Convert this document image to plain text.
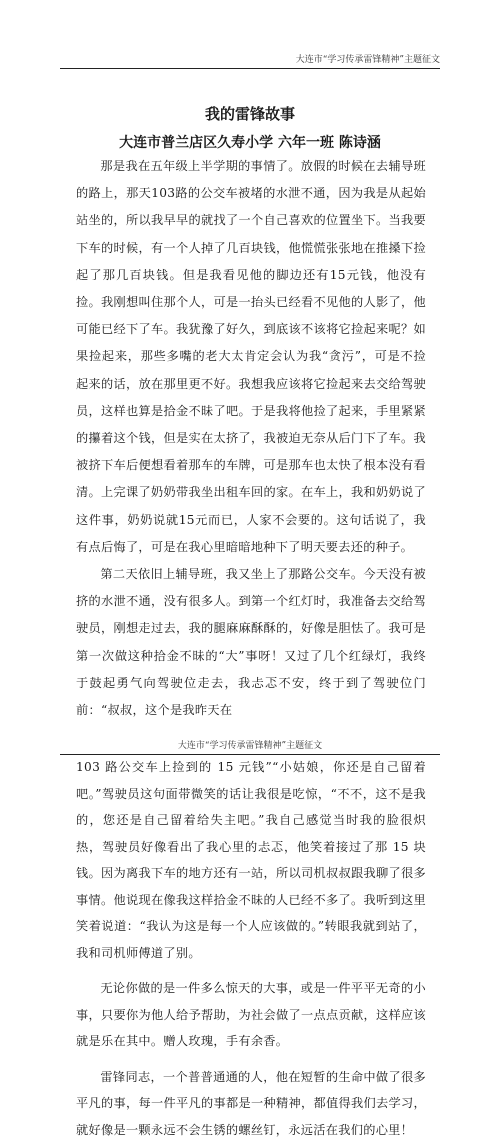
大连市“学习传承雷锋精神”主题征文
我的雷锋故事
大连市普兰店区久寿小学 六年一班 陈诗涵

那是我在五年级上半学期的事情了。放假的时候在去辅导班的路上，那天103路的公交车被堵的水泄不通，因为我是从起始站坐的，所以我早早的就找了一个自己喜欢的位置坐下。当我要下车的时候，有一个人掉了几百块钱，他慌慌张张地在推搡下捡起了那几百块钱。但是我看见他的脚边还有15元钱，他没有捡。我刚想叫住那个人，可是一抬头已经看不见他的人影了，他可能已经下了车。我犹豫了好久，到底该不该将它捡起来呢？如果捡起来，那些多嘴的老大太肯定会认为我“贪污”，可是不捡起来的话，放在那里更不好。我想我应该将它捡起来去交给驾驶员，这样也算是拾金不昧了吧。于是我将他捡了起来，手里紧紧的攥着这个钱，但是实在太挤了，我被迫无奈从后门下了车。我被挤下车后便想看着那车的车牌，可是那车也太快了根本没有看清。上完课了奶奶带我坐出租车回的家。在车上，我和奶奶说了这件事，奶奶说就15元而已，人家不会要的。这句话说了，我有点后悔了，可是在我心里暗暗地种下了明天要去还的种子。

第二天依旧上辅导班，我又坐上了那路公交车。今天没有被挤的水泄不通，没有很多人。到第一个红灯时，我准备去交给驾驶员，刚想走过去，我的腿麻麻酥酥的，好像是胆怯了。我可是第一次做这种拾金不昧的“大”事呀！又过了几个红绿灯，我终于鼓起勇气向驾驶位走去，我忐忑不安，终于到了驾驶位门前：“叔叔，这个是我昨天在

大连市“学习传承雷锋精神”主题征文

103 路公交车上捡到的 15 元钱”“小姑娘，你还是自己留着吧。”驾驶员这句面带微笑的话让我很是吃惊，“不不，这不是我的，您还是自己留着给失主吧。”我自己感觉当时我的脸很炽热，驾驶员好像看出了我心里的忐忑，他笑着接过了那 15 块钱。因为离我下车的地方还有一站，所以司机叔叔跟我聊了很多事情。他说现在像我这样拾金不昧的人已经不多了。我听到这里笑着说道：“我认为这是每一个人应该做的。”转眼我就到站了，我和司机师傅道了别。

无论你做的是一件多么惊天的大事，或是一件平平无奇的小事，只要你为他人给予帮助，为社会做了一点点贡献，这样应该就是乐在其中。赠人玫瑰，手有余香。

雷锋同志，一个普普通通的人，他在短暂的生命中做了很多平凡的事，每一件平凡的事都是一种精神，都值得我们去学习，就好像是一颗永远不会生锈的螺丝钉，永远活在我们的心里！
